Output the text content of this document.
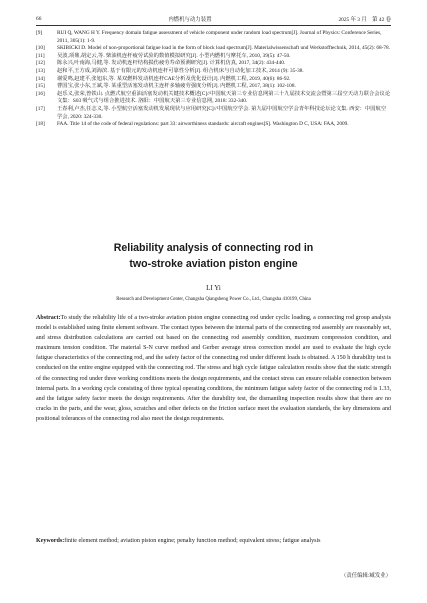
66	内燃机与动力装置	2025 年 3 月　第 42 卷
[9]	RUI Q, WANG H Y. Frequency domain fatigue assessment of vehicle component under random load spectrum[J]. Journal of Physics: Conference Series, 2011, 305(1): 1-9.
[10]	SKIBICKI D. Model of non-proportional fatigue load in the form of block load spectrum[J]. Materialwissenschaft und Werkstofftechnik, 2014, 45(2): 68-78.
[11]	吴波,项鼎,胡定云,等. 柴油机连杆疲劳试验的数值模拟研究[J]. 小型内燃机与摩托车, 2010, 39(5): 47-50.
[12]	陈永兴,叶南海,马健,等. 发动机连杆结构损伤疲劳寿命预测研究[J]. 计算机仿真, 2017, 34(2): 434-440.
[13]	赵和平,王方成,刘海滨. 基于有限元的发动机连杆可靠性分析[J]. 组合机床与自动化加工技术, 2014 (9): 35-38.
[14]	谢爱鸣,赵建平,张旭东,等. 某双燃料发动机连杆CAE分析及优化设计[J]. 内燃机工程, 2019, 40(6): 86-92.
[15]	曹国宝,张小东,王斌,等. 某重型活塞发动机主连杆多轴疲劳强度分析[J]. 内燃机工程, 2017, 38(1): 102-108.
[16]	赵乐义,张荣,曾铁山. 点燃式航空重油活塞发动机关键技术概述[C]//中国航天第三专业信息网第三十九届技术交流会暨第三届空天动力联合会议论文集：S03 吸气式与组合推进技术. 洛阳：中国航天第三专业信息网, 2018: 332-340.
[17]	王春利,卢杰,任志义,等. 小型航空活塞发动机发展现状与应用研究[C]//中国航空学会. 第九届中国航空学会青年科技论坛论文集. 西安：中国航空学会, 2020: 324-330.
[18]	FAA. Title 14 of the code of federal regulations: part 33: airworthiness standards: aircraft engines[S]. Washington D C, USA: FAA, 2009.
Reliability analysis of connecting rod in
two-stroke aviation piston engine
LI Yi
Research and Development Center, Changsha Qiangsheng Power Co., Ltd., Changsha 410199, China
Abstract:To study the reliability life of a two-stroke aviation piston engine connecting rod under cyclic loading, a connecting rod group analysis model is established using finite element software. The contact types between the internal parts of the connecting rod assembly are reasonably set, and stress distribution calculations are carried out based on the connecting rod assembly condition, maximum compression condition, and maximum tension condition. The material S-N curve method and Gerber average stress correction model are used to evaluate the high cycle fatigue characteristics of the connecting rod, and the safety factor of the connecting rod under different loads is obtained. A 150 h durability test is conducted on the entire engine equipped with the connecting rod. The stress and high cycle fatigue calculation results show that the static strength of the connecting rod under three working conditions meets the design requirements, and the contact stress can ensure reliable connection between internal parts. In a working cycle consisting of three typical operating conditions, the minimum fatigue safety factor of the connecting rod is 1.33, and the fatigue safety factor meets the design requirements. After the durability test, the dismantling inspection results show that there are no cracks in the parts, and the wear, gloss, scratches and other defects on the friction surface meet the evaluation standards, the key dimensions and positional tolerances of the connecting rod also meet the design requirements.
Keywords:finite element method; aviation piston engine; penalty function method; equivalent stress; fatigue analysis
（责任编辑:臧发业）
